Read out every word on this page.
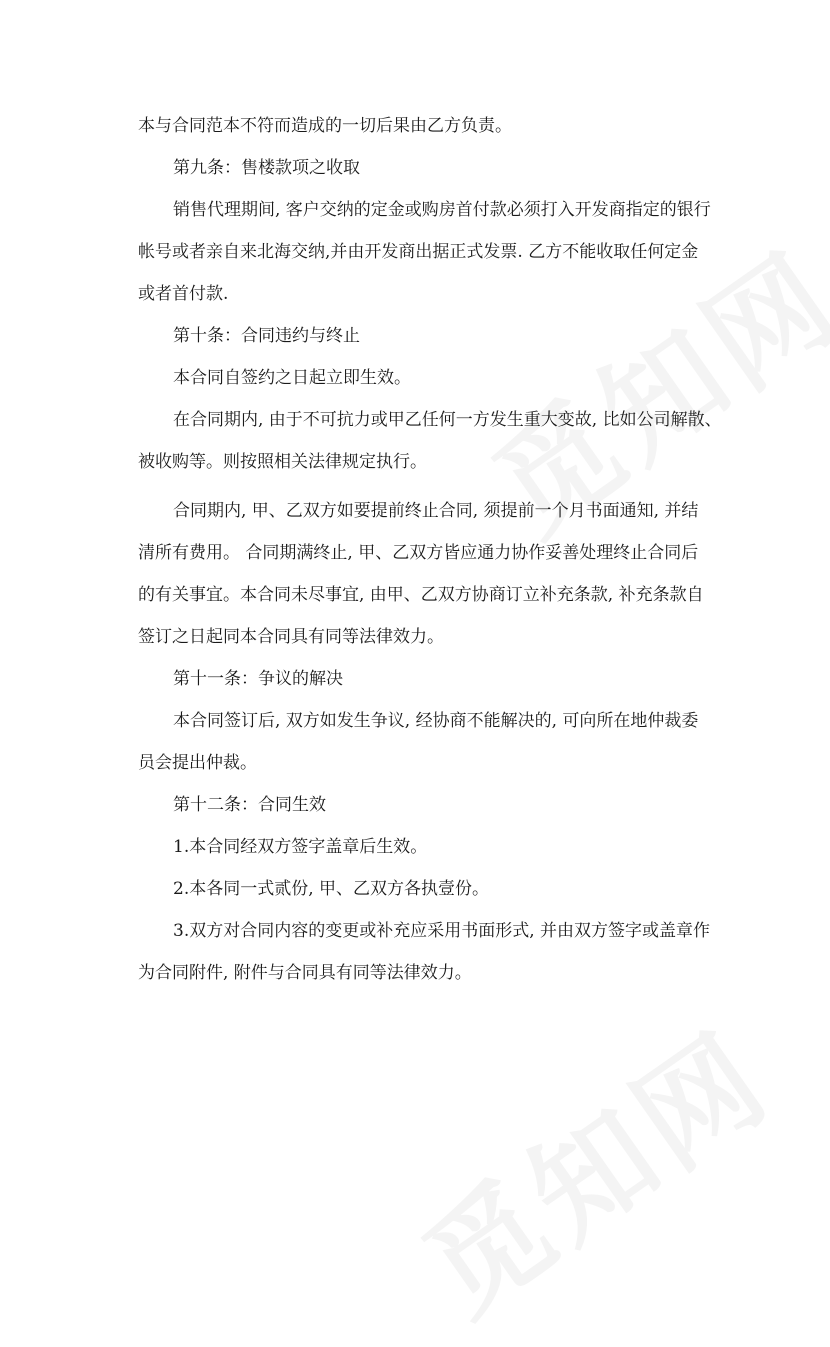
本与合同范本不符而造成的一切后果由乙方负责。

第九条：售楼款项之收取

销售代理期间, 客户交纳的定金或购房首付款必须打入开发商指定的银行

帐号或者亲自来北海交纳,并由开发商出据正式发票. 乙方不能收取任何定金

或者首付款.

第十条：合同违约与终止

本合同自签约之日起立即生效。

在合同期内, 由于不可抗力或甲乙任何一方发生重大变故, 比如公司解散、

被收购等。则按照相关法律规定执行。

合同期内, 甲、乙双方如要提前终止合同, 须提前一个月书面通知, 并结

清所有费用。 合同期满终止, 甲、乙双方皆应通力协作妥善处理终止合同后

的有关事宜。本合同未尽事宜, 由甲、乙双方协商订立补充条款, 补充条款自

签订之日起同本合同具有同等法律效力。

第十一条：争议的解决

本合同签订后, 双方如发生争议, 经协商不能解决的, 可向所在地仲裁委

员会提出仲裁。

第十二条：合同生效

1.本合同经双方签字盖章后生效。

2.本各同一式贰份, 甲、乙双方各执壹份。

3.双方对合同内容的变更或补充应采用书面形式, 并由双方签字或盖章作

为合同附件, 附件与合同具有同等法律效力。
